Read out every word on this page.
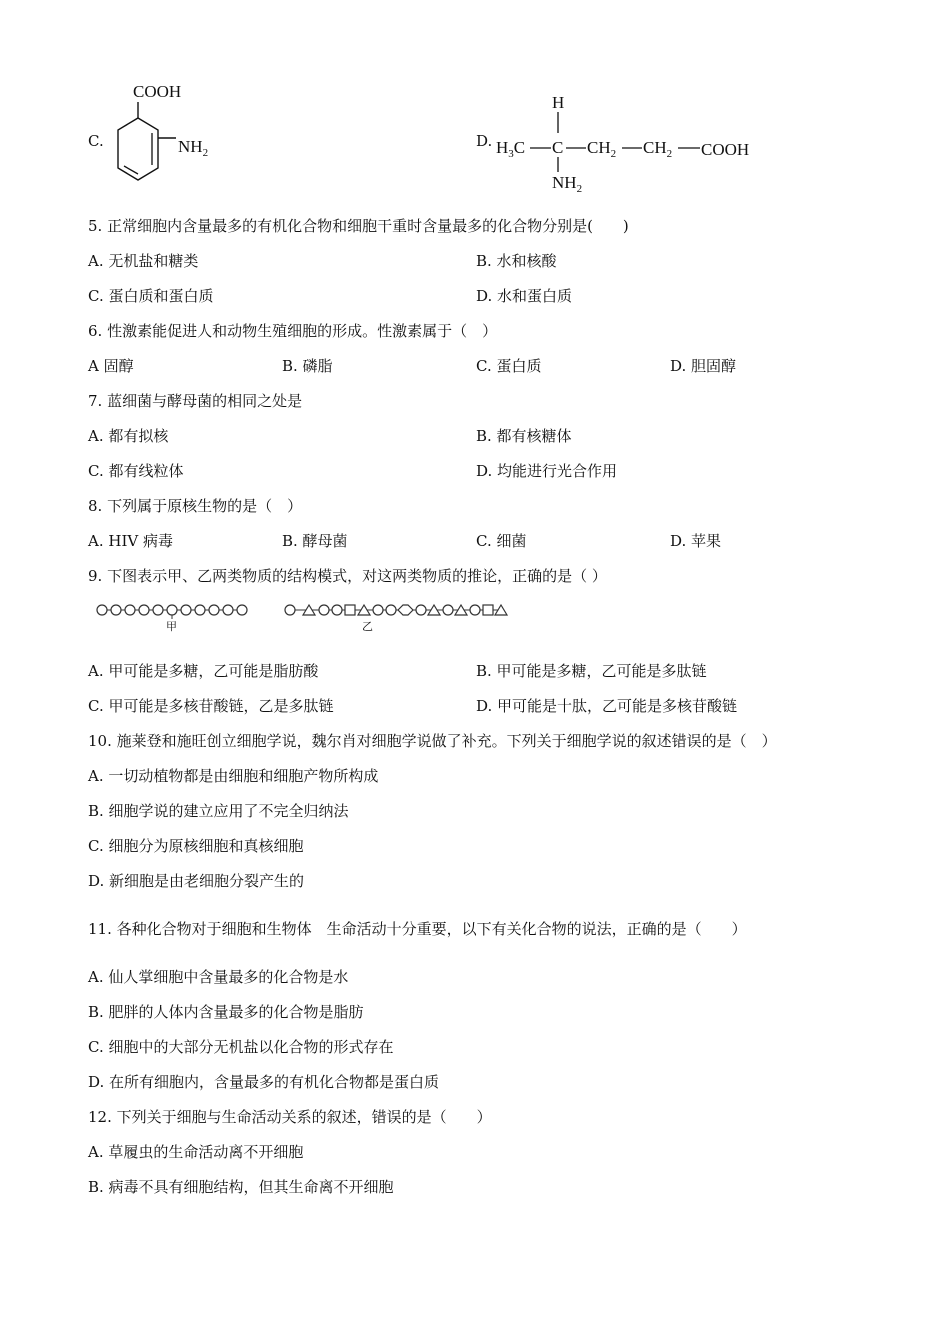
C.
COOH
$NH_2$
D.
H
$H_3C$ C $CH_2$ $CH_2$ COOH
$NH_2$
5. 正常细胞内含量最多的有机化合物和细胞干重时含量最多的化合物分别是(　　)
A. 无机盐和糖类	B. 水和核酸
C. 蛋白质和蛋白质	D. 水和蛋白质
6. 性激素能促进人和动物生殖细胞的形成。性激素属于（　）
A 固醇	B. 磷脂	C. 蛋白质	D. 胆固醇
7. 蓝细菌与酵母菌的相同之处是
A. 都有拟核	B. 都有核糖体
C. 都有线粒体	D. 均能进行光合作用
8. 下列属于原核生物的是（　）
A. HIV 病毒	B. 酵母菌	C. 细菌	D. 苹果
9. 下图表示甲、乙两类物质的结构模式，对这两类物质的推论，正确的是（ ）
甲	乙
A. 甲可能是多糖，乙可能是脂肪酸	B. 甲可能是多糖，乙可能是多肽链
C. 甲可能是多核苷酸链，乙是多肽链	D. 甲可能是十肽，乙可能是多核苷酸链
10. 施莱登和施旺创立细胞学说，魏尔肖对细胞学说做了补充。下列关于细胞学说的叙述错误的是（　）
A. 一切动植物都是由细胞和细胞产物所构成
B. 细胞学说的建立应用了不完全归纳法
C. 细胞分为原核细胞和真核细胞
D. 新细胞是由老细胞分裂产生的
11. 各种化合物对于细胞和生物体　生命活动十分重要，以下有关化合物的说法，正确的是（　　）
A. 仙人掌细胞中含量最多的化合物是水
B. 肥胖的人体内含量最多的化合物是脂肪
C. 细胞中的大部分无机盐以化合物的形式存在
D. 在所有细胞内，含量最多的有机化合物都是蛋白质
12. 下列关于细胞与生命活动关系的叙述，错误的是（　　）
A. 草履虫的生命活动离不开细胞
B. 病毒不具有细胞结构，但其生命离不开细胞
